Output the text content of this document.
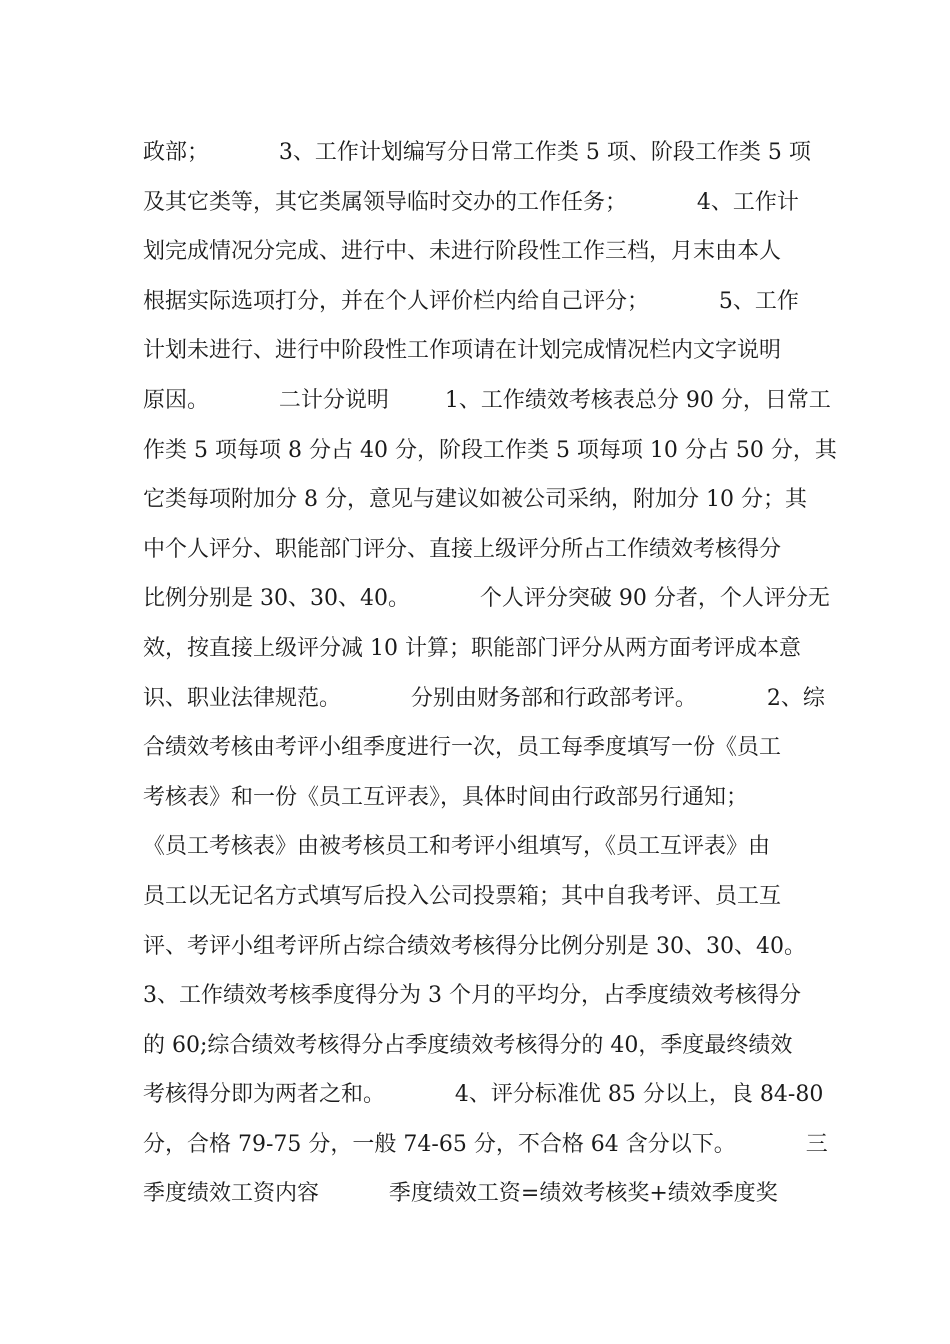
政部；          3、工作计划编写分日常工作类 5 项、阶段工作类 5 项
及其它类等，其它类属领导临时交办的工作任务；          4、工作计
划完成情况分完成、进行中、未进行阶段性工作三档，月末由本人
根据实际选项打分，并在个人评价栏内给自己评分；          5、工作
计划未进行、进行中阶段性工作项请在计划完成情况栏内文字说明
原因。          二计分说明        1、工作绩效考核表总分 90 分，日常工
作类 5 项每项 8 分占 40 分，阶段工作类 5 项每项 10 分占 50 分，其
它类每项附加分 8 分，意见与建议如被公司采纳，附加分 10 分；其
中个人评分、职能部门评分、直接上级评分所占工作绩效考核得分
比例分别是 30、30、40。          个人评分突破 90 分者，个人评分无
效，按直接上级评分减 10 计算；职能部门评分从两方面考评成本意
识、职业法律规范。          分别由财务部和行政部考评。          2、综
合绩效考核由考评小组季度进行一次，员工每季度填写一份《员工
考核表》和一份《员工互评表》，具体时间由行政部另行通知；
《员工考核表》由被考核员工和考评小组填写，《员工互评表》由
员工以无记名方式填写后投入公司投票箱；其中自我考评、员工互
评、考评小组考评所占综合绩效考核得分比例分别是 30、30、40。
3、工作绩效考核季度得分为 3 个月的平均分，占季度绩效考核得分
的 60;综合绩效考核得分占季度绩效考核得分的 40，季度最终绩效
考核得分即为两者之和。          4、评分标准优 85 分以上，良 84-80
分，合格 79-75 分，一般 74-65 分，不合格 64 含分以下。          三
季度绩效工资内容          季度绩效工资=绩效考核奖+绩效季度奖
